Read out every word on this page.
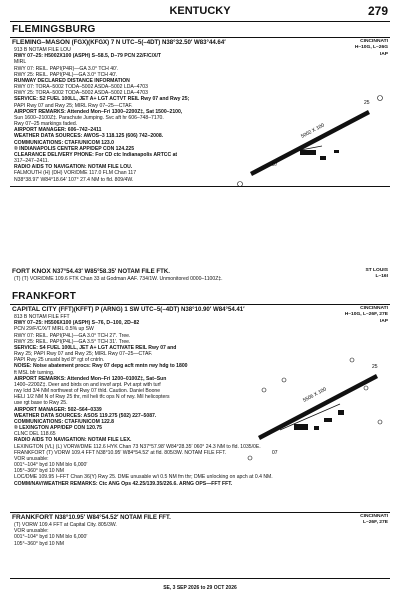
KENTUCKY	279
FLEMINGSBURG
FLEMING–MASON (FGX)(KFGX) 7 N UTC–5(–4DT) N38°32.50′ W83°44.64′	CINCINNATI
H–10G, L–26G
IAP
913 B NOTAM FILE LOU
RWY 07–25: H5002X100 (ASPH) S–58.5, D–79 PCN 22/F/C/X/T
MIRL
RWY 07: REIL. PAPI(P4R)—GA 3.0° TCH 40′.
RWY 25: REIL. PAPI(P4L)—GA 3.0° TCH 40′.
RUNWAY DECLARED DISTANCE INFORMATION
RWY 07: TORA–5002 TODA–5002 ASDA–5002 LDA–4703
RWY 25: TORA–5002 TODA–5002 ASDA–5002 LDA–4703
SERVICE: S2 FUEL 100LL, JET A+ LGT ACTVT REIL Rwy 07 and Rwy 25;
PAPI Rwy 07 and Rwy 25; MIRL Rwy 07–25—CTAF.
AIRPORT REMARKS: Attended Mon–Fri 1300–2200Z‡, Sat 1500–2100,
Sun 1600–2100Z‡. Parachute Jumping. Svc aft hr 606–748–7170.
Rwy 07–25 markings faded.
AIRPORT MANAGER: 606–742–2411
WEATHER DATA SOURCES: AWOS–3 118.125 (606) 742–2008.
COMMUNICATIONS: CTAF/UNICOM 123.0
® INDIANAPOLIS CENTER APP/DEP CON 124.225
CLEARANCE DELIVERY PHONE: For CD ctc Indianapolis ARTCC at
317–247–2411.
RADIO AIDS TO NAVIGATION: NOTAM FILE LOU.
FALMOUTH (H) (DH) VOR/DME 117.0 FLM Chan 117
N38°38.97′ W84°18.64′ 107° 27.4 NM to fld. 809/4W.
07
25
5002 X 100
FORT KNOX N37°54.43′ W85°58.35′ NOTAM FILE FTK.	ST LOUIS
L–16I
(T) (T) VOR/DME 109.6 FTK Chan 33 at Godman AAF. 734/1W. Unmonitored 0000–1100Z‡.
FRANKFORT
CAPITAL CITY (FFT)(KFFT) P (ARNG) 1 SW UTC–5(–4DT) N38°10.90′ W84°54.41′	CINCINNATI
H–10G, L–26F, 27E
IAP
813 B NOTAM FILE FFT
RWY 07–25: H5506X100 (ASPH) S–76, D–100, 2D–82
PCN 29/F/C/X/T MIRL 0.5% up SW
RWY 07: REIL. PAPI(P4L)—GA 3.0° TCH 27′. Tree.
RWY 25: REIL. PAPI(P4L)—GA 3.5° TCH 31′. Tree.
SERVICE: S4 FUEL 100LL, JET A+ LGT ACTIVATE REIL Rwy 07 and
Rwy 25; PAPI Rwy 07 and Rwy 25; MIRL Rwy 07–25—CTAF.
PAPI Rwy 25 unusbl byd 8° rgt of cntrln.
NOISE: Noise abatement procs: Rwy 07 depg acft mntn rwy hdg to 1800
ft MSL bfr turning.
AIRPORT REMARKS: Attended Mon–Fri 1200–0100Z‡, Sat–Sun
1400–2200Z‡. Deer and birds on and invof arpt. Pvt arpt with turf
rwy lctd 3/4 NM northwest of Rwy 07 thld. Caution. Daniel Boone
HELI 1/2 NM N of Rwy 25 thr, mil heli tfc ops N of rwy. Mil helicopters
use rgt base to Rwy 25.
AIRPORT MANAGER: 502–564–0339
WEATHER DATA SOURCES: ASOS 119.275 (502) 227–5087.
COMMUNICATIONS: CTAF/UNICOM 122.8
® LEXINGTON APP/DEP CON 120.75
CLNC DEL 118.65
RADIO AIDS TO NAVIGATION: NOTAM FILE LEX.
LEXINGTON (VL) (L) VORW/DME 112.6 HYK Chan 73 N37°57.98′ W84°28.35′ 060° 24.3 NM to fld. 1035/0E.
FRANKFORT (T) VORW 109.4 FFT N38°10.95′ W84°54.52′ at fld. 805/3W. NOTAM FILE FFT.
VOR unusable:
001°–104° byd 10 NM blo 6,000′
105°–360° byd 10 NM
LOC/DME 109.95 I–FFT Chan 36(Y) Rwy 25. DME unusable w/i 0.5 NM fm thr; DME unlocking on apch at 0.4 NM.
COMM/NAV/WEATHER REMARKS: Ctc ANG Ops 42.25/139.35/226.6. ARNG OPS—FFT FFT.
07
25
5506 X 100
FRANKFORT N38°10.95′ W84°54.52′ NOTAM FILE FFT.	CINCINNATI
L–26F, 27E
(T) VORW 109.4 FFT at Capital City. 805/3W.
VOR unusable:
001°–104° byd 10 NM blo 6,000′
105°–360° byd 10 NM
SE, 3 SEP 2026 to 29 OCT 2026
